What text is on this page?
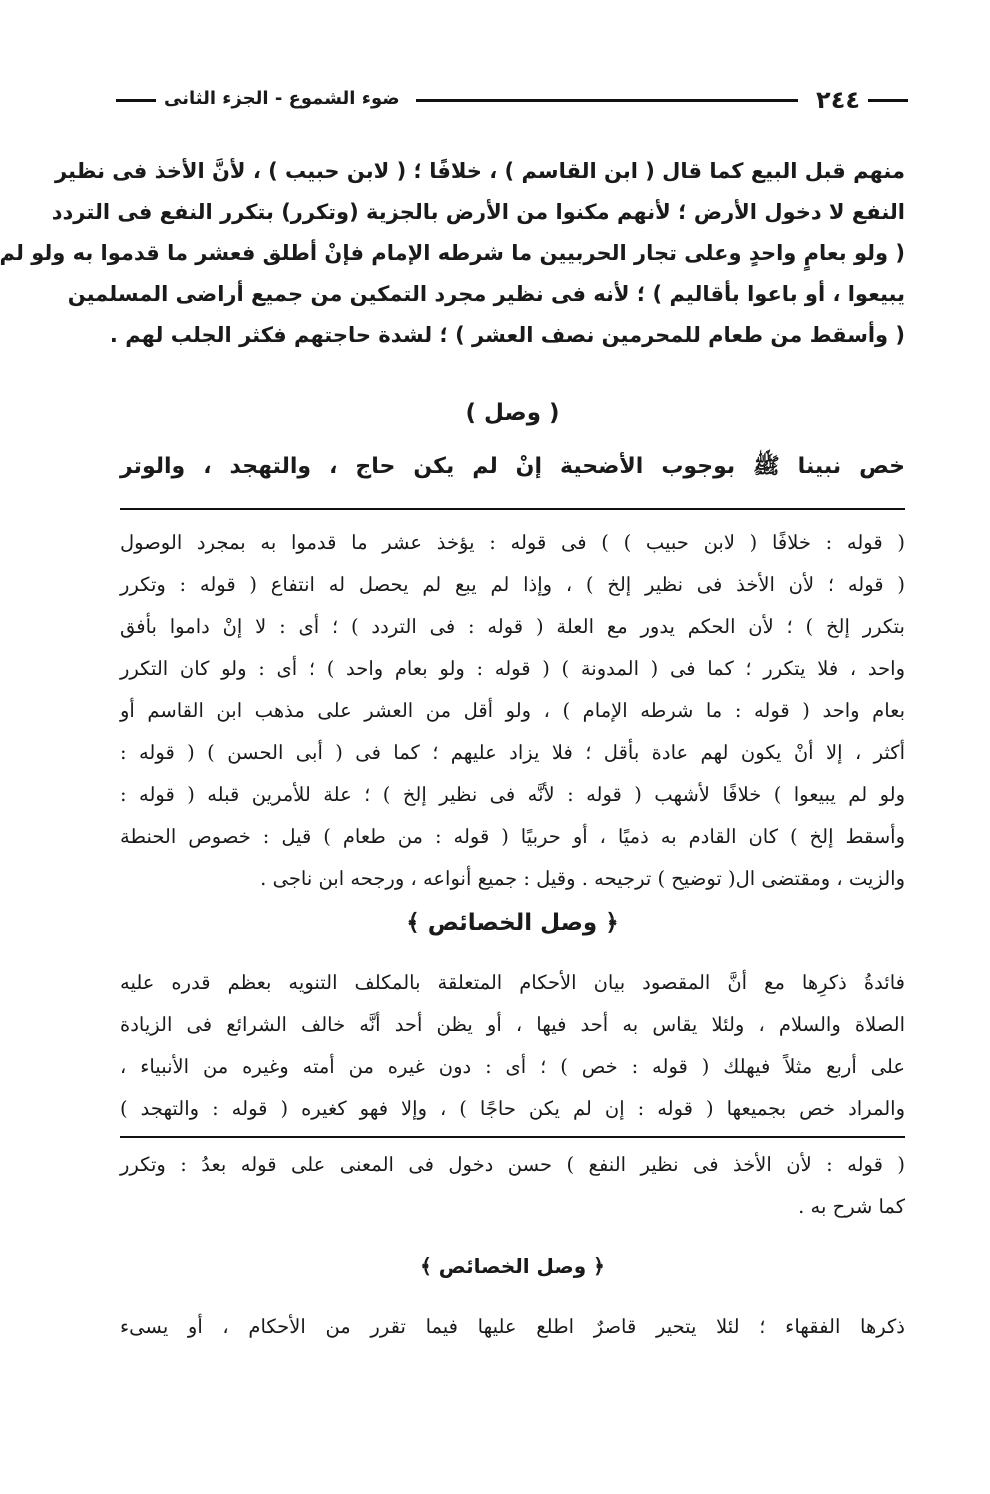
٢٤٤
ضوء الشموع - الجزء الثانى
منهم قبل البيع كما قال ( ابن القاسم ) ، خلافًا ؛ ( لابن حبيب ) ، لأنَّ الأخذ فى نظير
النفع لا دخول الأرض ؛ لأنهم مكنوا من الأرض بالجزية (وتكرر) بتكرر النفع فى التردد
( ولو بعامٍ واحدٍ وعلى تجار الحربيين ما شرطه الإمام فإنْ أطلق فعشر ما قدموا به ولو لم
يبيعوا ، أو باعوا بأقاليم ) ؛ لأنه فى نظير مجرد التمكين من جميع أراضى المسلمين
( وأسقط من طعام للمحرمين نصف العشر ) ؛ لشدة حاجتهم فكثر الجلب لهم .
( وصل )
خص نبينا ﷺ بوجوب الأضحية إنْ لم يكن حاج ، والتهجد ، والوتر
( قوله : خلافًا ( لابن حبيب ) ) فى قوله : يؤخذ عشر ما قدموا به بمجرد الوصول
( قوله ؛ لأن الأخذ فى نظير إلخ ) ، وإذا لم يبع لم يحصل له انتفاع ( قوله : وتكرر
بتكرر إلخ ) ؛ لأن الحكم يدور مع العلة ( قوله : فى التردد ) ؛ أى : لا إنْ داموا بأفق
واحد ، فلا يتكرر ؛ كما فى ( المدونة ) ( قوله : ولو بعام واحد ) ؛ أى : ولو كان التكرر
بعام واحد ( قوله : ما شرطه الإمام ) ، ولو أقل من العشر على مذهب ابن القاسم أو
أكثر ، إلا أنْ يكون لهم عادة بأقل ؛ فلا يزاد عليهم ؛ كما فى ( أبى الحسن ) ( قوله :
ولو لم يبيعوا ) خلافًا لأشهب ( قوله : لأنَّه فى نظير إلخ ) ؛ علة للأمرين قبله ( قوله :
وأسقط إلخ ) كان القادم به ذميًا ، أو حربيًا ( قوله : من طعام ) قيل : خصوص الحنطة
والزيت ، ومقتضى ال( توضيح ) ترجيحه . وقيل : جميع أنواعه ، ورجحه ابن ناجى .
﴿ وصل الخصائص ﴾
فائدةُ ذكرِها مع أنَّ المقصود بيان الأحكام المتعلقة بالمكلف التنويه بعظم قدره عليه
الصلاة والسلام ، ولئلا يقاس به أحد فيها ، أو يظن أحد أنَّه خالف الشرائع فى الزيادة
على أربع مثلاً فيهلك ( قوله : خص ) ؛ أى : دون غيره من أمته وغيره من الأنبياء ،
والمراد خص بجميعها ( قوله : إن لم يكن حاجًا ) ، وإلا فهو كغيره ( قوله : والتهجد )
( قوله : لأن الأخذ فى نظير النفع ) حسن دخول فى المعنى على قوله بعدُ : وتكرر
كما شرح به .
﴿ وصل الخصائص ﴾
ذكرها الفقهاء ؛ لئلا يتحير قاصرٌ اطلع عليها فيما تقرر من الأحكام ، أو يسىء
